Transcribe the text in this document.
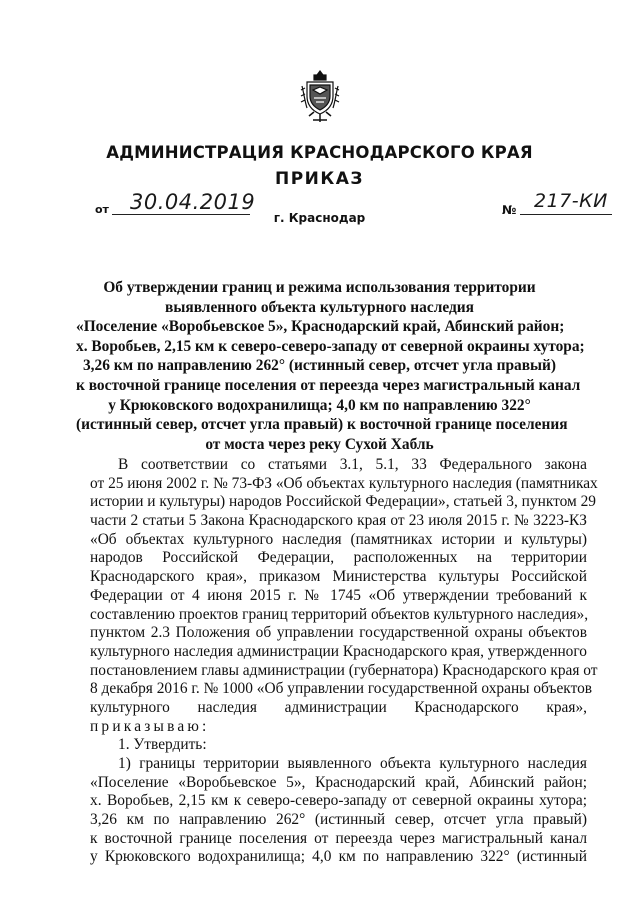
АДМИНИСТРАЦИЯ КРАСНОДАРСКОГО КРАЯ
ПРИКАЗ
от 30.04.2019	№ 217-КИ
г. Краснодар
Об утверждении границ и режима использования территории
выявленного объекта культурного наследия
«Поселение «Воробьевское 5», Краснодарский край, Абинский район;
х. Воробьев, 2,15 км к северо-северо-западу от северной окраины хутора;
3,26 км по направлению 262° (истинный север, отсчет угла правый)
к восточной границе поселения от переезда через магистральный канал
у Крюковского водохранилища; 4,0 км по направлению 322°
(истинный север, отсчет угла правый) к восточной границе поселения
от моста через реку Сухой Хабль
В соответствии со статьями 3.1, 5.1, 33 Федерального закона
от 25 июня 2002 г. № 73-ФЗ «Об объектах культурного наследия (памятниках
истории и культуры) народов Российской Федерации», статьей 3, пунктом 29
части 2 статьи 5 Закона Краснодарского края от 23 июля 2015 г. № 3223-КЗ
«Об объектах культурного наследия (памятниках истории и культуры)
народов Российской Федерации, расположенных на территории
Краснодарского края», приказом Министерства культуры Российской
Федерации от 4 июня 2015 г. № 1745 «Об утверждении требований к
составлению проектов границ территорий объектов культурного наследия»,
пунктом 2.3 Положения об управлении государственной охраны объектов
культурного наследия администрации Краснодарского края, утвержденного
постановлением главы администрации (губернатора) Краснодарского края от
8 декабря 2016 г. № 1000 «Об управлении государственной охраны объектов
культурного наследия администрации Краснодарского края»,
приказываю:
1. Утвердить:
1) границы территории выявленного объекта культурного наследия
«Поселение «Воробьевское 5», Краснодарский край, Абинский район;
х. Воробьев, 2,15 км к северо-северо-западу от северной окраины хутора;
3,26 км по направлению 262° (истинный север, отсчет угла правый)
к восточной границе поселения от переезда через магистральный канал
у Крюковского водохранилища; 4,0 км по направлению 322° (истинный
